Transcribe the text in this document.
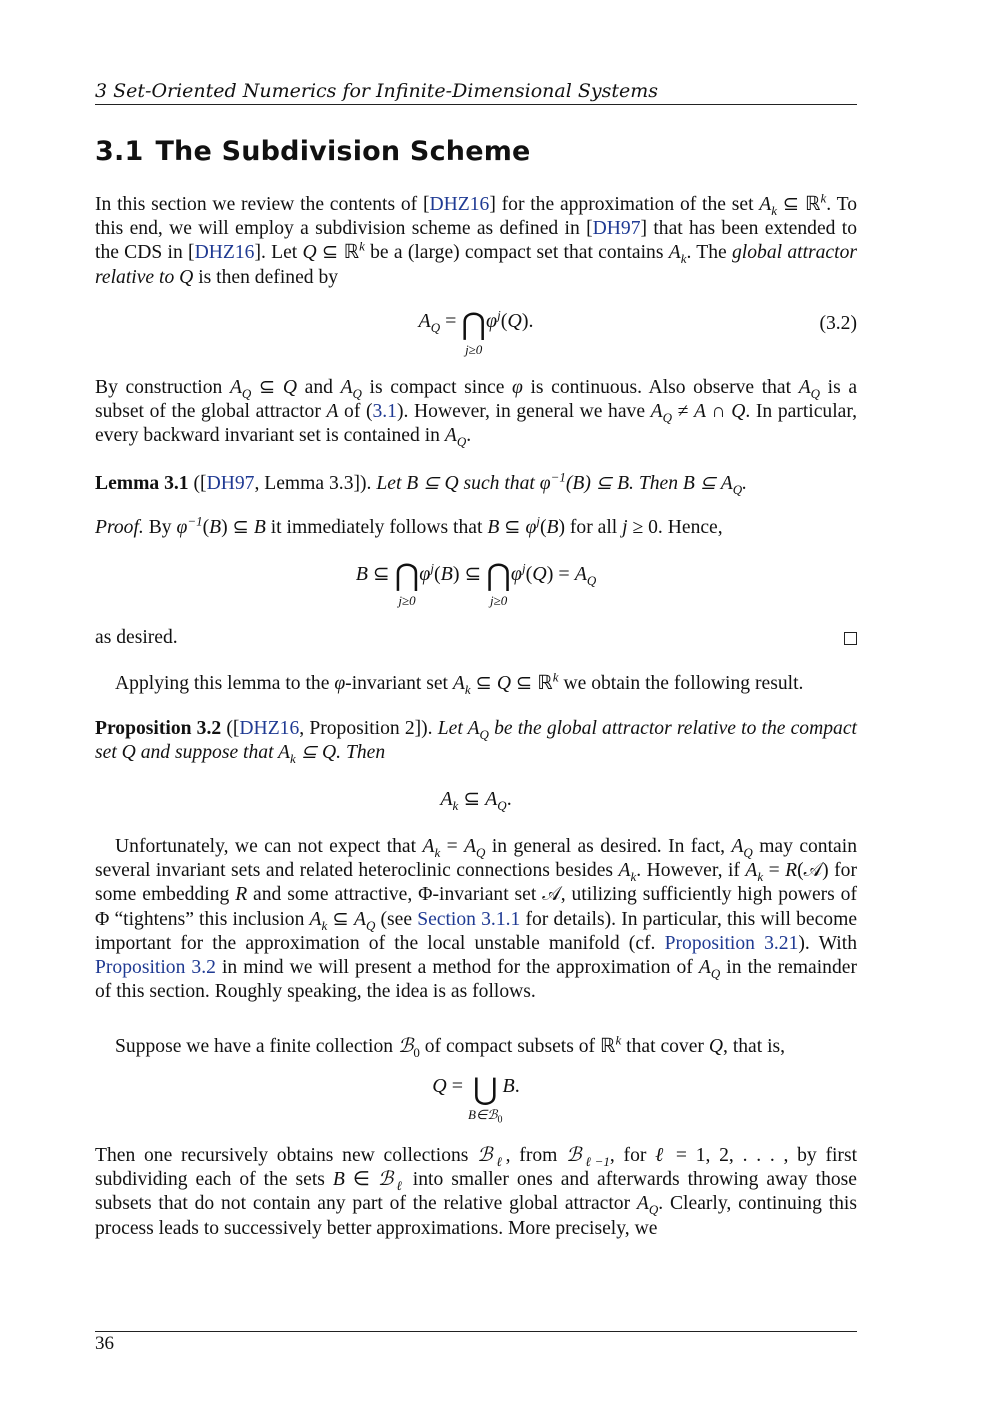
3 Set-Oriented Numerics for Infinite-Dimensional Systems
3.1 The Subdivision Scheme
In this section we review the contents of [DHZ16] for the approximation of the set $A_k$ ⊆ ℝ$^k$. To this end, we will employ a subdivision scheme as defined in [DH97] that has been extended to the CDS in [DHZ16]. Let Q ⊆ ℝ$^k$ be a (large) compact set that contains $A_k$. The global attractor relative to Q is then defined by
$A_Q$ = ⋂
j≥0
$\varphi^j(Q)$.	(3.2)
By construction $A_Q$ ⊆ Q and $A_Q$ is compact since φ is continuous. Also observe that $A_Q$ is a subset of the global attractor A of (3.1). However, in general we have $A_Q \ne A$ ∩ Q. In particular, every backward invariant set is contained in $A_Q$.
Lemma 3.1 ([DH97, Lemma 3.3]). Let B ⊆ Q such that $\varphi^{-1}(B)$ ⊆ B. Then B ⊆ $A_Q$.
Proof. By $\varphi^{-1}(B)$ ⊆ B it immediately follows that B ⊆ $\varphi^j(B)$ for all j ≥ 0. Hence,
B ⊆ ⋂
j≥0
$\varphi^j(B)$ ⊆ ⋂
j≥0
$\varphi^j(Q) = A_Q$
as desired.
Applying this lemma to the φ-invariant set $A_k$ ⊆ Q ⊆ ℝ$^k$ we obtain the following result.
Proposition 3.2 ([DHZ16, Proposition 2]). Let $A_Q$ be the global attractor relative to the compact set Q and suppose that $A_k$ ⊆ Q. Then
$A_k$ ⊆ $A_Q$.
Unfortunately, we can not expect that $A_k = A_Q$ in general as desired. In fact, $A_Q$ may contain several invariant sets and related heteroclinic connections besides $A_k$. However, if $A_k$ = R(𝒜) for some embedding R and some attractive, Φ-invariant set 𝒜, utilizing sufficiently high powers of Φ “tightens” this inclusion $A_k$ ⊆ $A_Q$ (see Section 3.1.1 for details). In particular, this will become important for the approximation of the local unstable manifold (cf. Proposition 3.21). With Proposition 3.2 in mind we will present a method for the approximation of $A_Q$ in the remainder of this section. Roughly speaking, the idea is as follows.
Suppose we have a finite collection ℬ$_0$ of compact subsets of ℝ$^k$ that cover Q, that is,
Q = ⋃
B∈ℬ$_0$
B.
Then one recursively obtains new collections ℬ$_\ell$, from ℬ$_{\ell-1}$, for ℓ = 1, 2, . . . , by first subdividing each of the sets B ∈ ℬ$_\ell$ into smaller ones and afterwards throwing away those subsets that do not contain any part of the relative global attractor $A_Q$. Clearly, continuing this process leads to successively better approximations. More precisely, we
36
